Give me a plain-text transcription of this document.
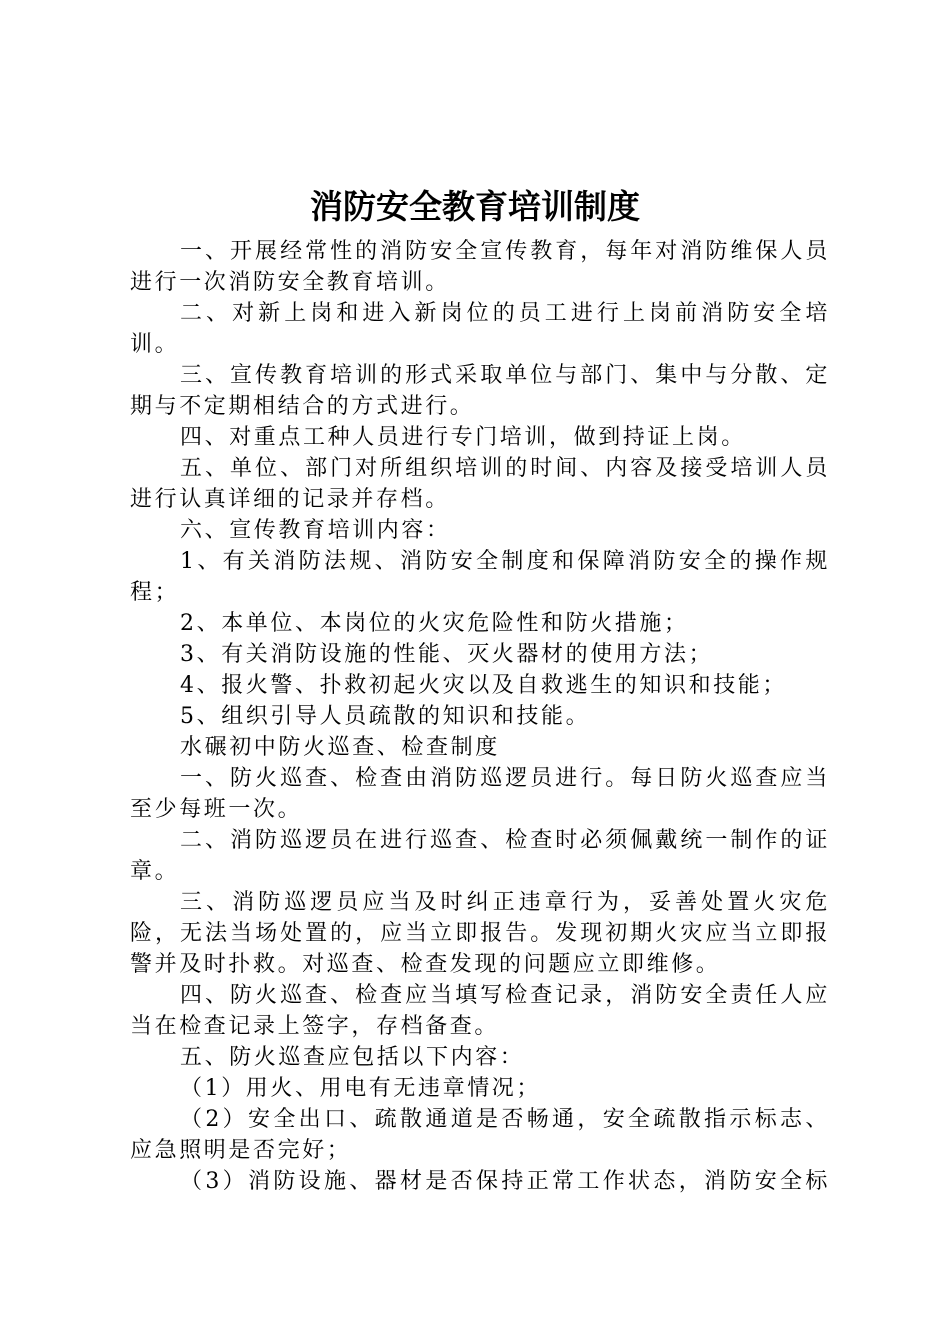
消防安全教育培训制度

一、开展经常性的消防安全宣传教育，每年对消防维保人员进行一次消防安全教育培训。

二、对新上岗和进入新岗位的员工进行上岗前消防安全培训。

三、宣传教育培训的形式采取单位与部门、集中与分散、定期与不定期相结合的方式进行。

四、对重点工种人员进行专门培训，做到持证上岗。

五、单位、部门对所组织培训的时间、内容及接受培训人员进行认真详细的记录并存档。

六、宣传教育培训内容：

1、有关消防法规、消防安全制度和保障消防安全的操作规程；

2、本单位、本岗位的火灾危险性和防火措施；

3、有关消防设施的性能、灭火器材的使用方法；

4、报火警、扑救初起火灾以及自救逃生的知识和技能；

5、组织引导人员疏散的知识和技能。

水碾初中防火巡查、检查制度

一、防火巡查、检查由消防巡逻员进行。每日防火巡查应当至少每班一次。

二、消防巡逻员在进行巡查、检查时必须佩戴统一制作的证章。

三、消防巡逻员应当及时纠正违章行为，妥善处置火灾危险，无法当场处置的，应当立即报告。发现初期火灾应当立即报警并及时扑救。对巡查、检查发现的问题应立即维修。

四、防火巡查、检查应当填写检查记录，消防安全责任人应当在检查记录上签字，存档备查。

五、防火巡查应包括以下内容：

（1）用火、用电有无违章情况；

（2）安全出口、疏散通道是否畅通，安全疏散指示标志、应急照明是否完好；

（3）消防设施、器材是否保持正常工作状态，消防安全标
